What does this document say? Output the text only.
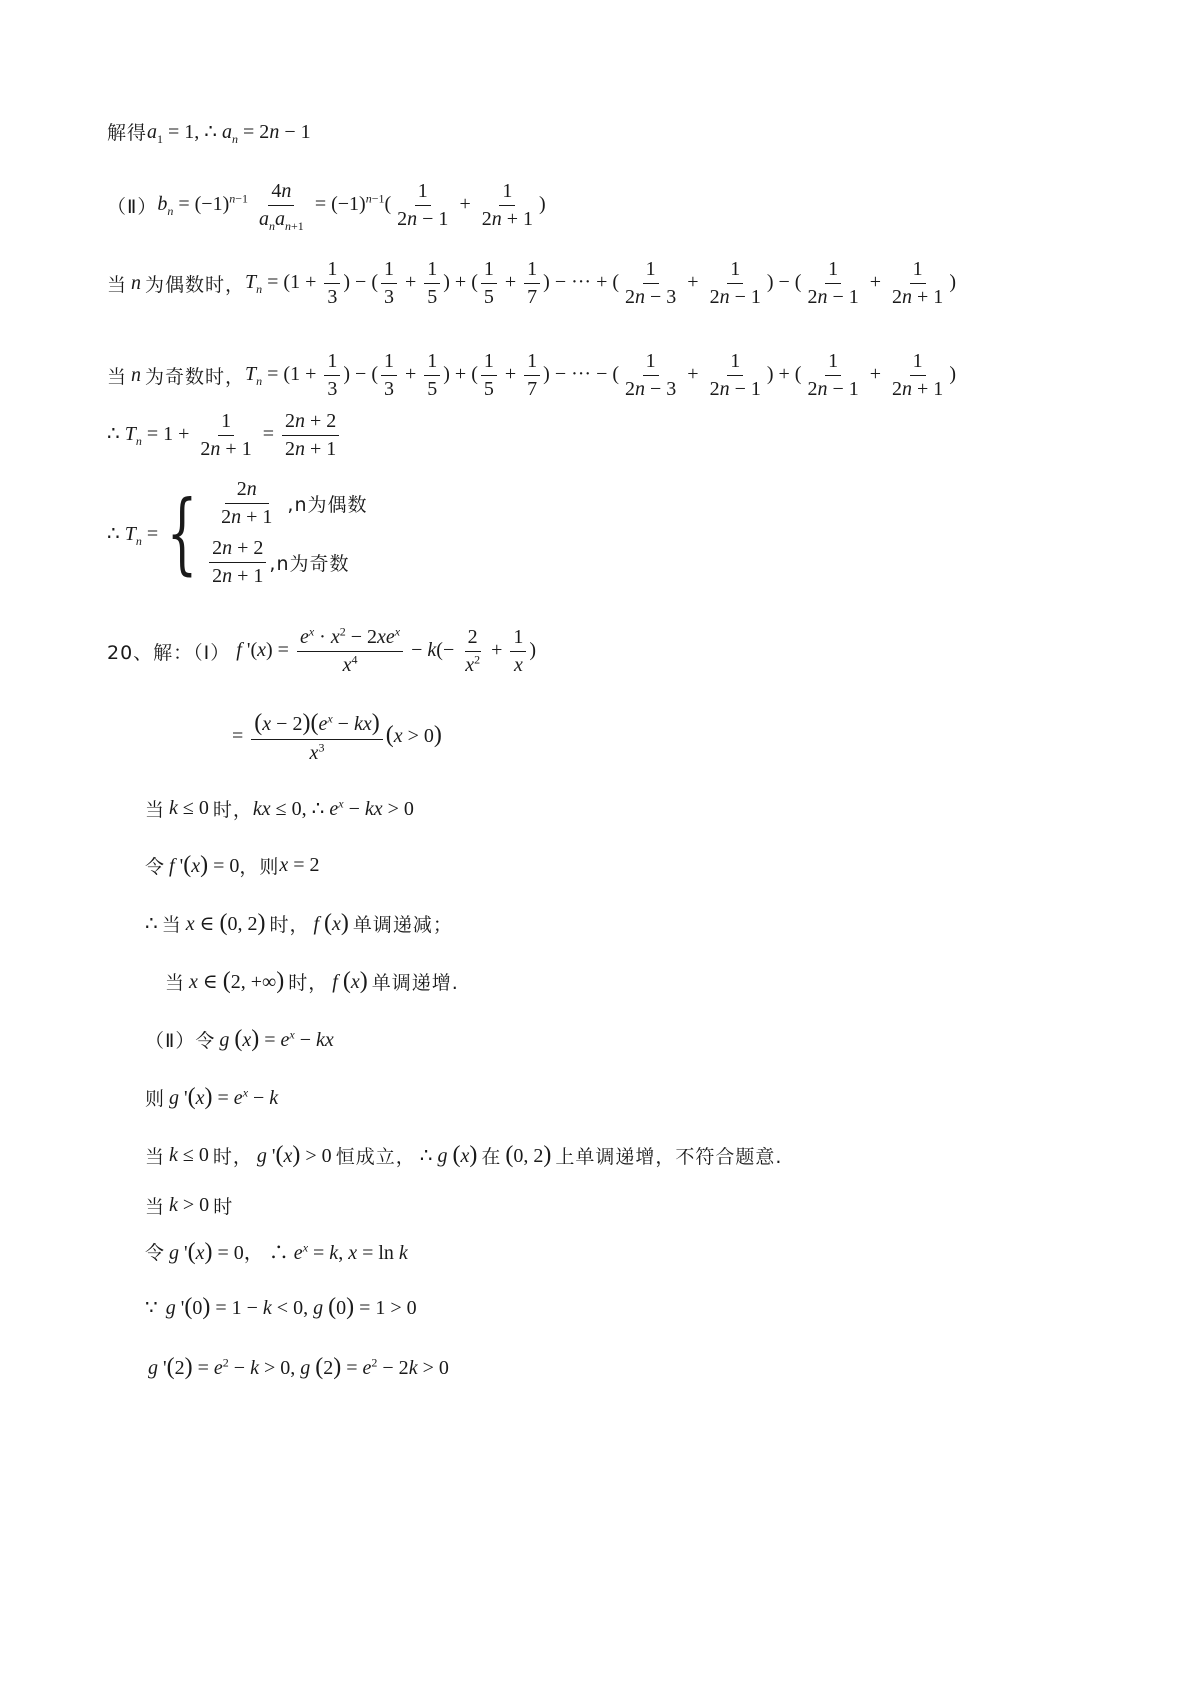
解得 $a_1 = 1$, ∴ $a_n = 2n - 1$
（Ⅱ） $b_n = (-1)^{n-1} \frac{4n}{a_na_{n+1}} = (-1)^{n-1}( \frac{1}{2n - 1} + \frac{1}{2n + 1}$ )
当 n 为偶数时， $T_n = (1 + \frac{1}{3}$ ) − ( $\frac{1}{3} + \frac{1}{5}$ ) + ( $\frac{1}{5} + \frac{1}{7}$ ) − ··· + ( $\frac{1}{2n - 3} + \frac{1}{2n - 1}$ ) − ( $\frac{1}{2n - 1} + \frac{1}{2n + 1}$ )
当 n 为奇数时， $T_n = (1 + \frac{1}{3}$ ) − ( $\frac{1}{3} + \frac{1}{5}$ ) + ( $\frac{1}{5} + \frac{1}{7}$ ) − ··· − ( $\frac{1}{2n - 3} + \frac{1}{2n - 1}$ ) + ( $\frac{1}{2n - 1} + \frac{1}{2n + 1}$ )
∴ $T_n = 1 + \frac{1}{2n + 1} = \frac{2n + 2}{2n + 1}$
∴ $T_n$ = { $\frac{2n}{2n + 1} ,n$为偶数
$\frac{2n + 2}{2n + 1} ,n$为奇数
20、解：（Ⅰ） f '$(x) = \frac{e^x \cdot x^2 - 2xe^x}{x^4} - k(- \frac{2}{x^2} + \frac{1}{x}$ )
= $\frac{(x - 2)(e^x - kx)}{x^3} (x > 0)$
当 k ≤ 0 时， kx ≤ 0, ∴ $e^x$ − kx > 0
令 f '(x) = 0 ，则 x = 2
∴ 当 x ∈ (0, 2) 时， f (x) 单调递减；
当 x ∈ (2, +∞) 时， f (x) 单调递增.
（Ⅱ）令 g $(x) = e^x$ − kx
则 g '$(x) = e^x - k$
当 k ≤ 0 时， g '(x) > 0 恒成立， ∴ g (x) 在 (0, 2) 上单调递增，不符合题意.
当 k > 0 时
令 g '(x) = 0， ∴ $e^x = k$, x = ln k
∵ g '(0) = 1 − k < 0, g (0) = 1 > 0
g '$(2) = e^2 - k > 0$, g $(2) = e^2 - 2k > 0$
